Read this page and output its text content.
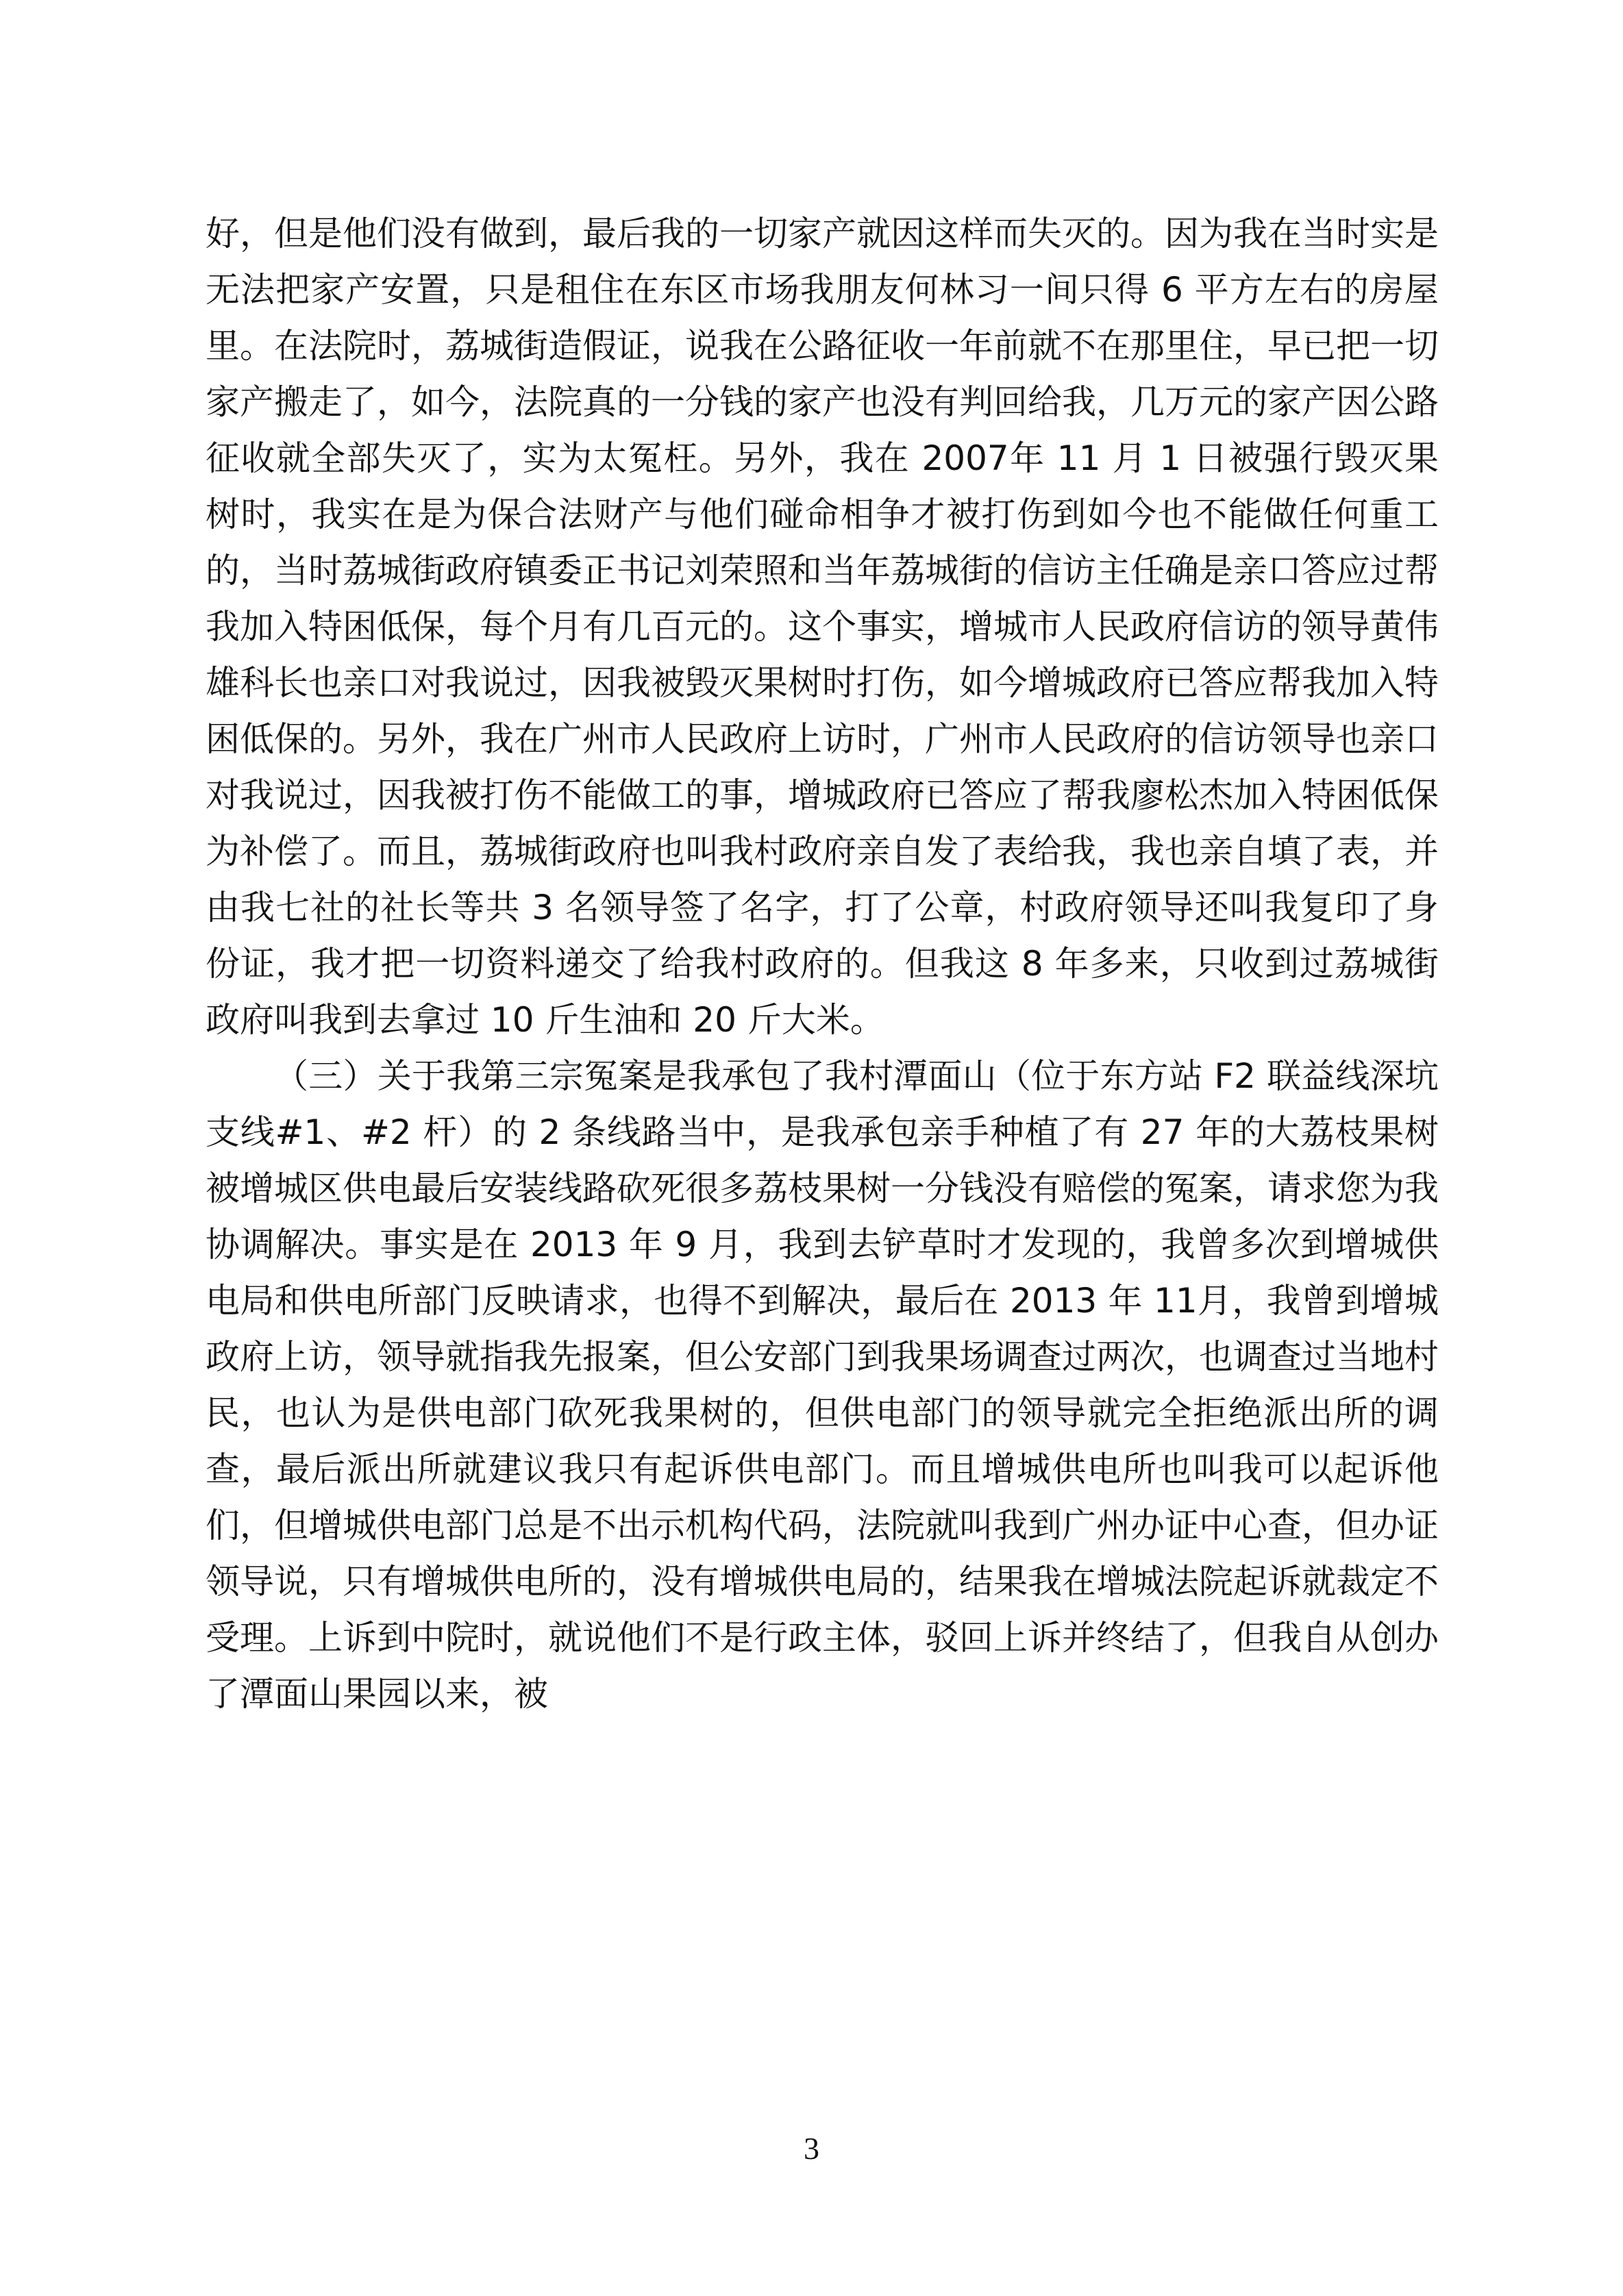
好，但是他们没有做到，最后我的一切家产就因这样而失灭的。因为我在当时实是无法把家产安置，只是租住在东区市场我朋友何林习一间只得 6 平方左右的房屋里。在法院时，荔城街造假证，说我在公路征收一年前就不在那里住，早已把一切家产搬走了，如今，法院真的一分钱的家产也没有判回给我，几万元的家产因公路征收就全部失灭了，实为太冤枉。另外，我在 2007年 11 月 1 日被强行毁灭果树时，我实在是为保合法财产与他们碰命相争才被打伤到如今也不能做任何重工的，当时荔城街政府镇委正书记刘荣照和当年荔城街的信访主任确是亲口答应过帮我加入特困低保，每个月有几百元的。这个事实，增城市人民政府信访的领导黄伟雄科长也亲口对我说过，因我被毁灭果树时打伤，如今增城政府已答应帮我加入特困低保的。另外，我在广州市人民政府上访时，广州市人民政府的信访领导也亲口对我说过，因我被打伤不能做工的事，增城政府已答应了帮我廖松杰加入特困低保为补偿了。而且，荔城街政府也叫我村政府亲自发了表给我，我也亲自填了表，并由我七社的社长等共 3 名领导签了名字，打了公章，村政府领导还叫我复印了身份证，我才把一切资料递交了给我村政府的。但我这 8 年多来，只收到过荔城街政府叫我到去拿过 10 斤生油和 20 斤大米。

（三）关于我第三宗冤案是我承包了我村潭面山（位于东方站 F2 联益线深坑支线#1、#2 杆）的 2 条线路当中，是我承包亲手种植了有 27 年的大荔枝果树被增城区供电最后安装线路砍死很多荔枝果树一分钱没有赔偿的冤案，请求您为我协调解决。事实是在 2013 年 9 月，我到去铲草时才发现的，我曾多次到增城供电局和供电所部门反映请求，也得不到解决，最后在 2013 年 11月，我曾到增城政府上访，领导就指我先报案，但公安部门到我果场调查过两次，也调查过当地村民，也认为是供电部门砍死我果树的，但供电部门的领导就完全拒绝派出所的调查，最后派出所就建议我只有起诉供电部门。而且增城供电所也叫我可以起诉他们，但增城供电部门总是不出示机构代码，法院就叫我到广州办证中心查，但办证领导说，只有增城供电所的，没有增城供电局的，结果我在增城法院起诉就裁定不受理。上诉到中院时，就说他们不是行政主体，驳回上诉并终结了，但我自从创办了潭面山果园以来，被

3
